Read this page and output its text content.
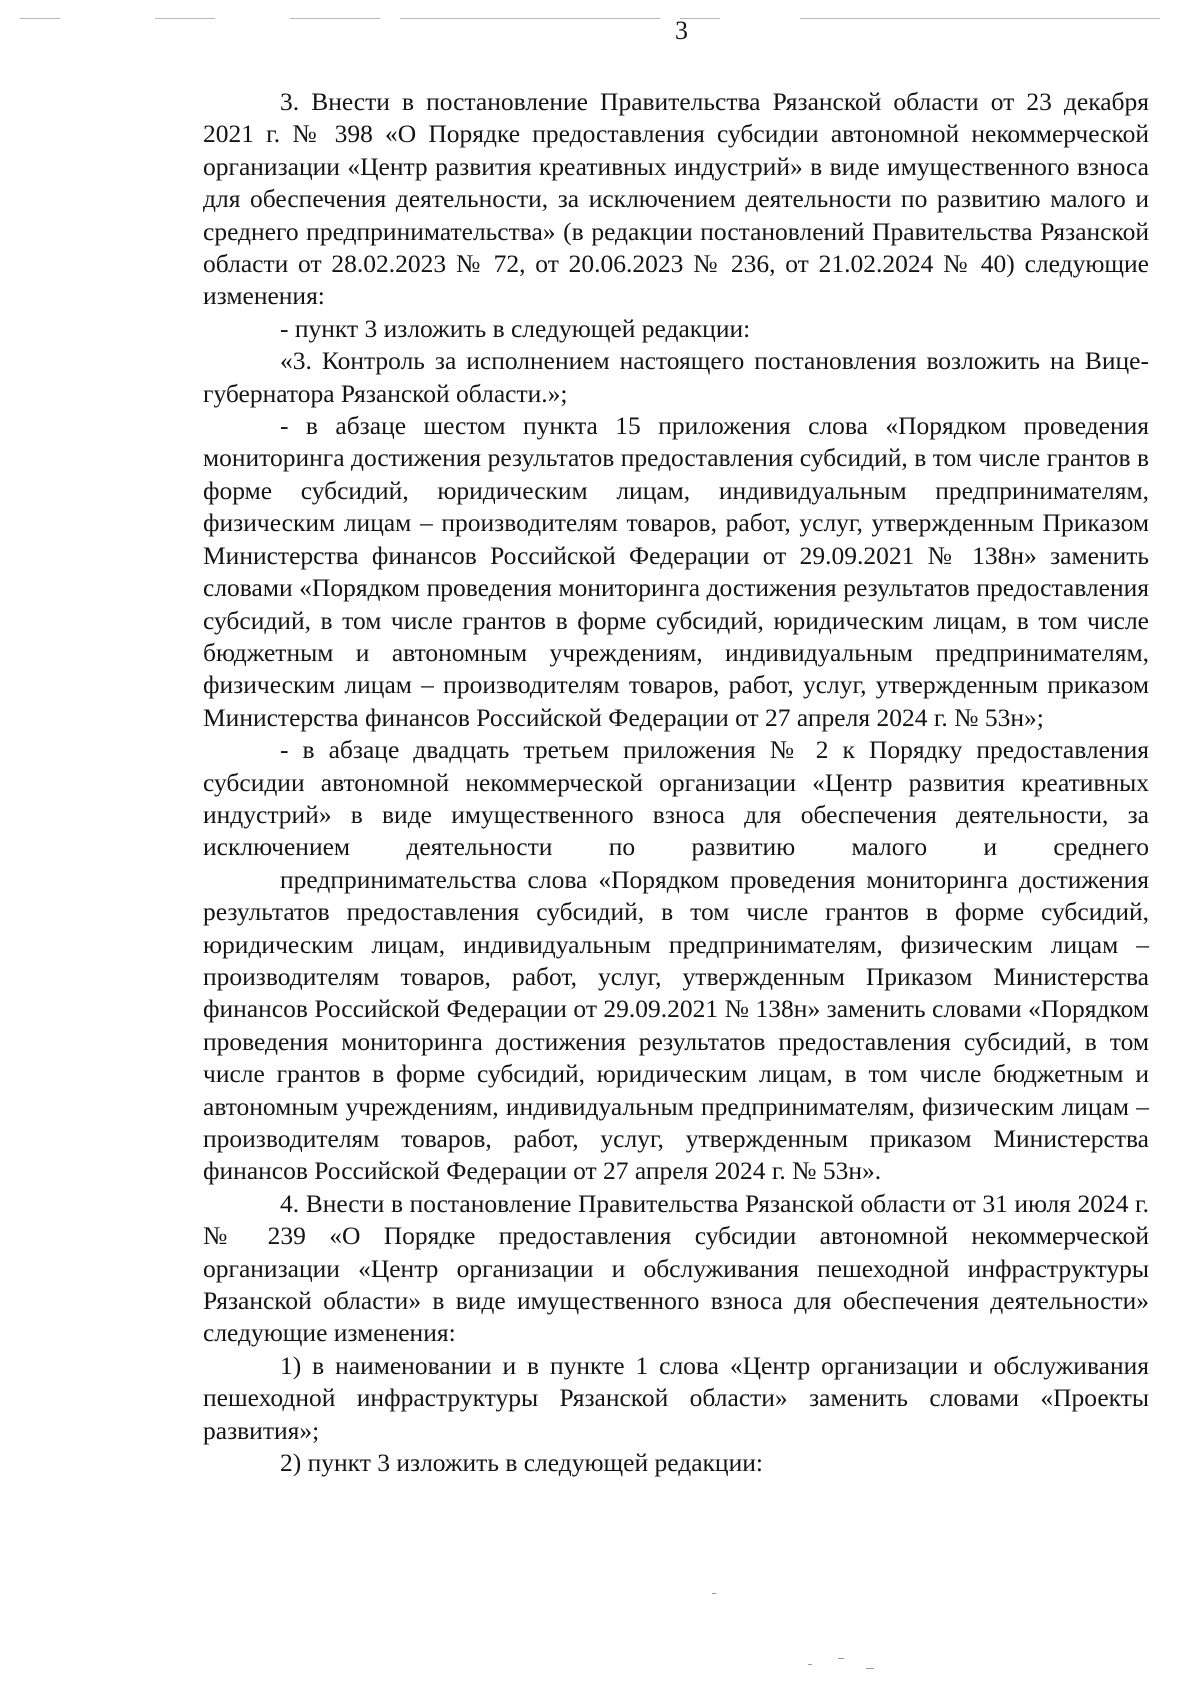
3

3. Внести в постановление Правительства Рязанской области от 23 декабря 2021 г. № 398 «О Порядке предоставления субсидии автономной некоммерческой организации «Центр развития креативных индустрий» в виде имущественного взноса для обеспечения деятельности, за исключением деятельности по развитию малого и среднего предпринимательства» (в редакции постановлений Правительства Рязанской области от 28.02.2023 № 72, от 20.06.2023 № 236, от 21.02.2024 № 40) следующие изменения:

- пункт 3 изложить в следующей редакции:

«3. Контроль за исполнением настоящего постановления возложить на Вице-губернатора Рязанской области.»;

- в абзаце шестом пункта 15 приложения слова «Порядком проведения мониторинга достижения результатов предоставления субсидий, в том числе грантов в форме субсидий, юридическим лицам, индивидуальным предпринимателям, физическим лицам – производителям товаров, работ, услуг, утвержденным Приказом Министерства финансов Российской Федерации от 29.09.2021 № 138н» заменить словами «Порядком проведения мониторинга достижения результатов предоставления субсидий, в том числе грантов в форме субсидий, юридическим лицам, в том числе бюджетным и автономным учреждениям, индивидуальным предпринимателям, физическим лицам – производителям товаров, работ, услуг, утвержденным приказом Министерства финансов Российской Федерации от 27 апреля 2024 г. № 53н»;

- в абзаце двадцать третьем приложения № 2 к Порядку предоставления субсидии автономной некоммерческой организации «Центр развития креативных индустрий» в виде имущественного взноса для обеспечения деятельности, за исключением деятельности по развитию малого и среднего

предпринимательства слова «Порядком проведения мониторинга достижения результатов предоставления субсидий, в том числе грантов в форме субсидий, юридическим лицам, индивидуальным предпринимателям, физическим лицам – производителям товаров, работ, услуг, утвержденным Приказом Министерства финансов Российской Федерации от 29.09.2021 № 138н» заменить словами «Порядком проведения мониторинга достижения результатов предоставления субсидий, в том числе грантов в форме субсидий, юридическим лицам, в том числе бюджетным и автономным учреждениям, индивидуальным предпринимателям, физическим лицам – производителям товаров, работ, услуг, утвержденным приказом Министерства финансов Российской Федерации от 27 апреля 2024 г. № 53н».

4. Внести в постановление Правительства Рязанской области от 31 июля 2024 г. № 239 «О Порядке предоставления субсидии автономной некоммерческой организации «Центр организации и обслуживания пешеходной инфраструктуры Рязанской области» в виде имущественного взноса для обеспечения деятельности» следующие изменения:

1) в наименовании и в пункте 1 слова «Центр организации и обслуживания пешеходной инфраструктуры Рязанской области» заменить словами «Проекты развития»;

2) пункт 3 изложить в следующей редакции:
